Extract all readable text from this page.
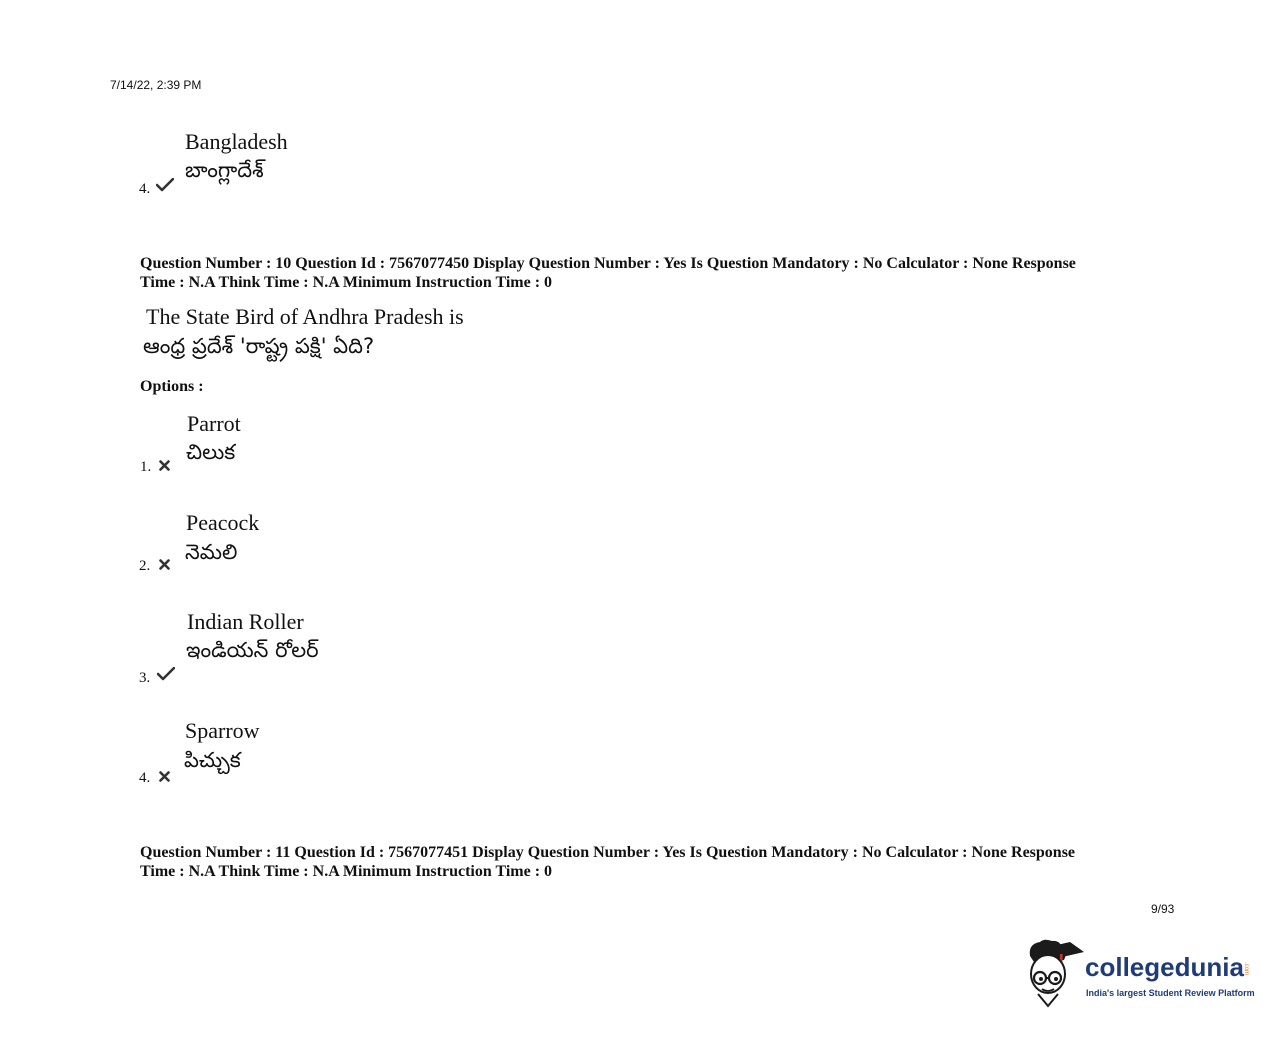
7/14/22, 2:39 PM
Bangladesh
బాంగ్లాదేశ్
4.
Question Number : 10 Question Id : 7567077450 Display Question Number : Yes Is Question Mandatory : No Calculator : None Response
Time : N.A Think Time : N.A Minimum Instruction Time : 0
The State Bird of Andhra Pradesh is
ఆంధ్ర ప్రదేశ్ 'రాష్ట్ర పక్షి' ఏది?
Options :
Parrot
చిలుక
1.
Peacock
నెమలి
2.
Indian Roller
ఇండియన్ రోలర్
3.
Sparrow
పిచ్చుక
4.
Question Number : 11 Question Id : 7567077451 Display Question Number : Yes Is Question Mandatory : No Calculator : None Response
Time : N.A Think Time : N.A Minimum Instruction Time : 0
9/93
collegedunia .com
India's largest Student Review Platform
